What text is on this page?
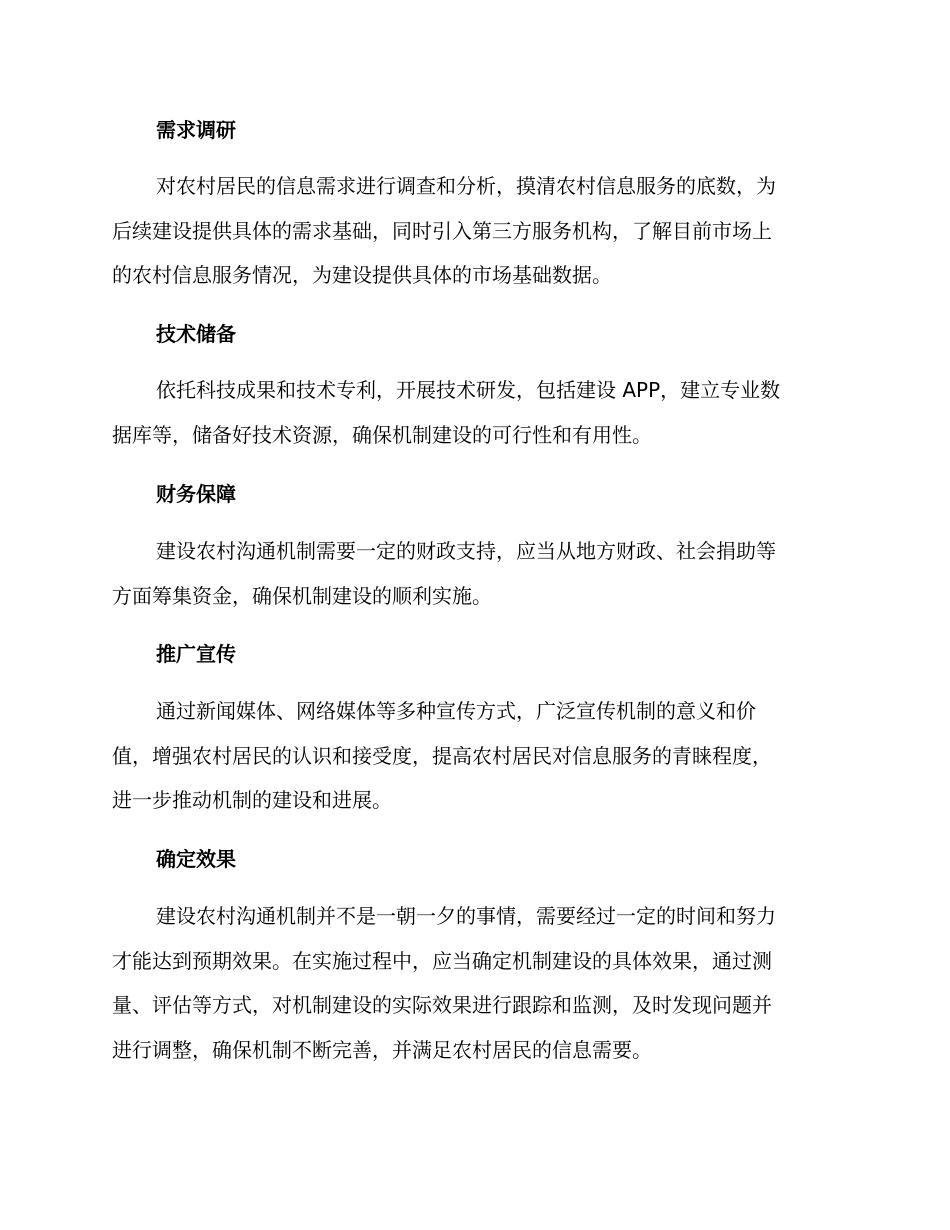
需求调研
对农村居民的信息需求进行调查和分析，摸清农村信息服务的底数，为
后续建设提供具体的需求基础，同时引入第三方服务机构，了解目前市场上
的农村信息服务情况，为建设提供具体的市场基础数据。
技术储备
依托科技成果和技术专利，开展技术研发，包括建设 APP，建立专业数
据库等，储备好技术资源，确保机制建设的可行性和有用性。
财务保障
建设农村沟通机制需要一定的财政支持，应当从地方财政、社会捐助等
方面筹集资金，确保机制建设的顺利实施。
推广宣传
通过新闻媒体、网络媒体等多种宣传方式，广泛宣传机制的意义和价
值，增强农村居民的认识和接受度，提高农村居民对信息服务的青睐程度，
进一步推动机制的建设和进展。
确定效果
建设农村沟通机制并不是一朝一夕的事情，需要经过一定的时间和努力
才能达到预期效果。在实施过程中，应当确定机制建设的具体效果，通过测
量、评估等方式，对机制建设的实际效果进行跟踪和监测，及时发现问题并
进行调整，确保机制不断完善，并满足农村居民的信息需要。
